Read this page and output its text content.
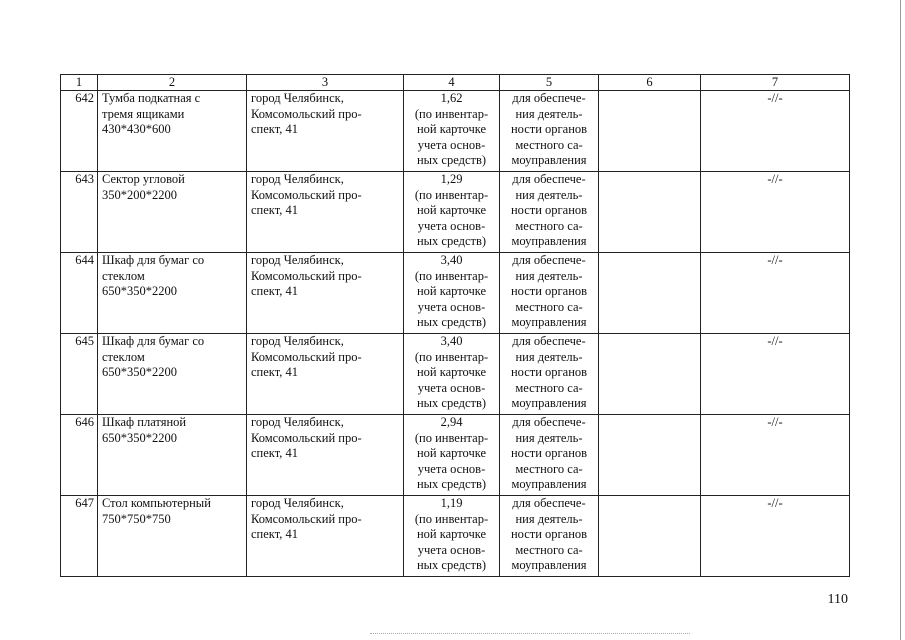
1	2	3	4	5	6	7
642	Тумба подкатная с
тремя ящиками
430*430*600	город Челябинск,
Комсомольский про-
спект, 41	1,62
(по инвентар-
ной карточке
учета основ-
ных средств)	для обеспече-
ния деятель-
ности органов
местного са-
моуправления		-//-
643	Сектор угловой
350*200*2200	город Челябинск,
Комсомольский про-
спект, 41	1,29
(по инвентар-
ной карточке
учета основ-
ных средств)	для обеспече-
ния деятель-
ности органов
местного са-
моуправления		-//-
644	Шкаф для бумаг со
стеклом
650*350*2200	город Челябинск,
Комсомольский про-
спект, 41	3,40
(по инвентар-
ной карточке
учета основ-
ных средств)	для обеспече-
ния деятель-
ности органов
местного са-
моуправления		-//-
645	Шкаф для бумаг со
стеклом
650*350*2200	город Челябинск,
Комсомольский про-
спект, 41	3,40
(по инвентар-
ной карточке
учета основ-
ных средств)	для обеспече-
ния деятель-
ности органов
местного са-
моуправления		-//-
646	Шкаф платяной
650*350*2200	город Челябинск,
Комсомольский про-
спект, 41	2,94
(по инвентар-
ной карточке
учета основ-
ных средств)	для обеспече-
ния деятель-
ности органов
местного са-
моуправления		-//-
647	Стол компьютерный
750*750*750	город Челябинск,
Комсомольский про-
спект, 41	1,19
(по инвентар-
ной карточке
учета основ-
ных средств)	для обеспече-
ния деятель-
ности органов
местного са-
моуправления		-//-
110
